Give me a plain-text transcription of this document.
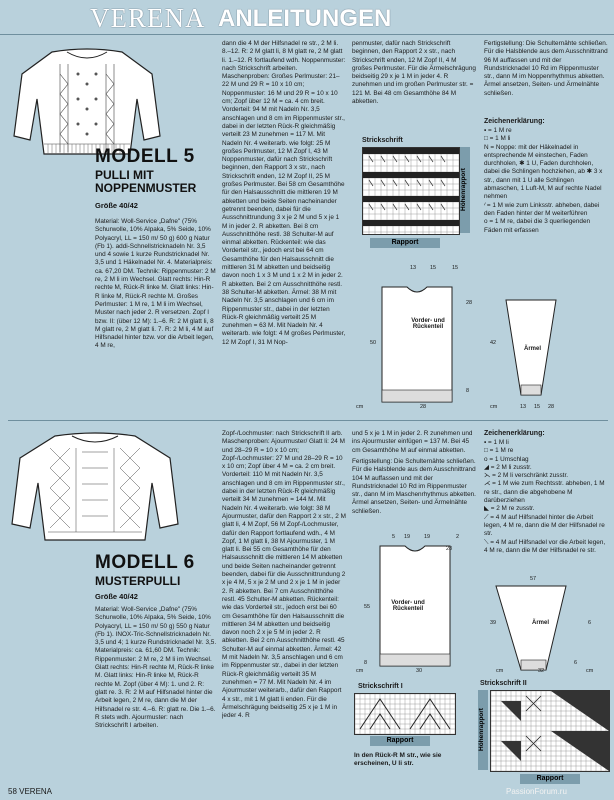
VERENA ANLEITUNGEN
MODELL 5
PULLI MIT
NOPPENMUSTER
Größe 40/42
Material: Woll-Service „Dafne" (75% Schurwolle, 10% Alpaka, 5% Seide, 10% Polyacryl, LL = 150 m/ 50 g) 600 g Natur (Fb 1). addi-Schnellstricknadeln Nr. 3,5 und 4 sowie 1 kurze Rundstricknadel Nr. 3,5 und 1 Häkelnadel Nr. 4. Materialpreis: ca. 67,20 DM. Technik: Rippenmuster: 2 M re, 2 M li im Wechsel. Glatt rechts: Hin-R rechte M, Rück-R linke M. Glatt links: Hin-R linke M, Rück-R rechte M. Großes Perlmuster: 1 M re, 1 M li im Wechsel, Muster nach jeder 2. R versetzen. Zopf I bzw. II: (über 12 M): 1.–6. R: 2 M glatt li, 8 M glatt re, 2 M glatt li. 7. R: 2 M li, 4 M auf Hilfsnadel hinter bzw. vor die Arbeit legen, 4 M re,
dann die 4 M der Hilfsnadel re str., 2 M li. 8.–12. R: 2 M glatt li, 8 M glatt re, 2 M glatt li. 1.–12. R fortlaufend wdh. Noppenmuster: nach Strickschrift arbeiten. Maschenproben: Großes Perlmuster: 21–22 M und 29 R = 10 x 10 cm; Noppenmuster: 16 M und 29 R = 10 x 10 cm; Zopf über 12 M = ca. 4 cm breit. Vorderteil: 94 M mit Nadeln Nr. 3,5 anschlagen und 8 cm im Rippenmuster str., dabei in der letzten Rück-R gleichmäßig verteilt 23 M zunehmen = 117 M. Mit Nadeln Nr. 4 weiterarb. wie folgt: 25 M großes Perlmuster, 12 M Zopf I, 43 M Noppenmuster, dafür nach Strickschrift beginnen, den Rapport 3 x str., nach Strickschrift enden, 12 M Zopf II, 25 M großes Perlmuster. Bei 58 cm Gesamthöhe für den Halsausschnitt die mittleren 19 M abketten und beide Seiten nacheinander getrennt beenden, dabei für die Ausschnittrundung 3 x je 2 M und 5 x je 1 M in jeder 2. R abketten. Bei 8 cm Ausschnitthöhe restl. 38 Schulter-M auf einmal abketten. Rückenteil: wie das Vorderteil str., jedoch erst bei 64 cm Gesamthöhe für den Halsausschnitt die mittleren 31 M abketten und beidseitig davon noch 1 x 3 M und 1 x 2 M in jeder 2. R abketten. Bei 2 cm Ausschnitthöhe restl. 38 Schulter-M abketten. Ärmel: 38 M mit Nadeln Nr. 3,5 anschlagen und 6 cm im Rippenmuster str., dabei in der letzten Rück-R gleichmäßig verteilt 25 M zunehmen = 63 M. Mit Nadeln Nr. 4 weiterarb. wie folgt: 4 M großes Perlmuster, 12 M Zopf I, 31 M Nop-
penmuster, dafür nach Strickschrift beginnen, den Rapport 2 x str., nach Strickschrift enden, 12 M Zopf II, 4 M großes Perlmuster. Für die Ärmelschrägung beidseitig 29 x je 1 M in jeder 4. R zunehmen und im großen Perlmuster str. = 121 M. Bei 48 cm Gesamthöhe 84 M abketten.
Fertigstellung: Die Schulternähte schließen. Für die Halsblende aus dem Ausschnittrand 96 M auffassen und mit der Rundstricknadel 10 Rd im Rippenmuster str., dann M im Noppenrhythmus abketten. Ärmel ansetzen, Seiten- und Ärmelnähte schließen.
Zeichenerklärung:
▪ = 1 M re
□ = 1 M li
N = Noppe: mit der Häkelnadel in entsprechende M einstechen, Faden durchholen, ✱ 1 U, Faden durchholen, dabei die Schlingen hochziehen, ab ✱ 3 x str., dann mit 1 U alle Schlingen abmaschen, 1 Luft-M, M auf rechte Nadel nehmen
⁄ = 1 M wie zum Linksstr. abheben, dabei den Faden hinter der M weiterführen
o = 1 M re, dabei die 3 querliegenden Fäden mit erfassen
Strickschrift
Höhenrapport
Rapport
13	15	15
28
8
50
28
cm
Vorder- und Rückenteil
42
13 15 28
cm
Ärmel
MODELL 6
MUSTERPULLI
Größe 40/42
Material: Woll-Service „Dafne" (75% Schurwolle, 10% Alpaka, 5% Seide, 10% Polyacryl, LL = 150 m/ 50 g) 550 g Natur (Fb 1). INOX-Tric-Schnellstricknadeln Nr. 3,5 und 4; 1 kurze Rundstricknadel Nr. 3,5. Materialpreis: ca. 61,60 DM. Technik: Rippenmuster: 2 M re, 2 M li im Wechsel. Glatt rechts: Hin-R rechte M, Rück-R linke M. Glatt links: Hin-R linke M, Rück-R rechte M. Zopf (über 4 M): 1. und 2. R: glatt re. 3. R: 2 M auf Hilfsnadel hinter die Arbeit legen, 2 M re, dann die M der Hilfsnadel re str. 4.–6. R: glatt re. Die 1.–6. R stets wdh. Ajourmuster: nach Strickschrift I arbeiten.
Zopf-/Lochmuster: nach Strickschrift II arb. Maschenproben: Ajourmuster/ Glatt li: 24 M und 28–29 R = 10 x 10 cm; Zopf-/Lochmuster: 27 M und 28–29 R = 10 x 10 cm; Zopf über 4 M = ca. 2 cm breit. Vorderteil: 110 M mit Nadeln Nr. 3,5 anschlagen und 8 cm im Rippenmuster str., dabei in der letzten Rück-R gleichmäßig verteilt 34 M zunehmen = 144 M. Mit Nadeln Nr. 4 weiterarb. wie folgt: 38 M Ajourmuster, dafür den Rapport 2 x str., 2 M glatt li, 4 M Zopf, 56 M Zopf-/Lochmuster, dafür den Rapport fortlaufend wdh., 4 M Zopf, 1 M glatt li, 38 M Ajourmuster, 1 M glatt li. Bei 55 cm Gesamthöhe für den Halsausschnitt die mittleren 14 M abketten und beide Seiten nacheinander getrennt beenden, dabei für die Ausschnittrundung 2 x je 4 M, 5 x je 2 M und 2 x je 1 M in jeder 2. R abketten. Bei 7 cm Ausschnitthöhe restl. 45 Schulter-M abketten. Rückenteil: wie das Vorderteil str., jedoch erst bei 60 cm Gesamthöhe für den Halsausschnitt die mittleren 34 M abketten und beidseitig davon noch 2 x je 5 M in jeder 2. R abketten. Bei 2 cm Ausschnitthöhe restl. 45 Schulter-M auf einmal abketten. Ärmel: 42 M mit Nadeln Nr. 3,5 anschlagen und 6 cm im Rippenmuster str., dabei in der letzten Rück-R gleichmäßig verteilt 35 M zunehmen = 77 M. Mit Nadeln Nr. 4 im Ajourmuster weiterarb., dafür den Rapport 4 x str., mit 1 M glatt li enden. Für die Ärmelschrägung beidseitig 25 x je 1 M in jeder 4. R
und 5 x je 1 M in jeder 2. R zunehmen und ins Ajourmuster einfügen = 137 M. Bei 45 cm Gesamthöhe M auf einmal abketten.
Fertigstellung: Die Schulternähte schließen. Für die Halsblende aus dem Ausschnittrand 104 M auffassen und mit der Rundstricknadel 10 Rd im Rippenmuster str., dann M im Maschenrhythmus abketten. Ärmel ansetzen, Seiten- und Ärmelnähte schließen.
Zeichenerklärung:
▪ = 1 M li
□ = 1 M re
o = 1 Umschlag
◢ = 2 M li zusstr.
⋋ = 2 M li verschränkt zusstr.
⋌ = 1 M wie zum Rechtsstr. abheben, 1 M re str., dann die abgehobene M darüberziehen
◣ = 2 M re zusstr.
⟋ = 4 M auf Hilfsnadel hinter die Arbeit legen, 4 M re, dann die M der Hilfsnadel re str.
⟍ = 4 M auf Hilfsnadel vor die Arbeit legen, 4 M re, dann die M der Hilfsnadel re str.
28
5 19	19	2
55
8
30
cm
Vorder- und Rückenteil
39
6
cm
57
32
6
cm
Ärmel
Strickschrift I
Rapport
In den Rück-R M str., wie sie erscheinen, U li str.
Strickschrift II
Höhenrapport
Rapport
58 VERENA	PassionForum.ru
